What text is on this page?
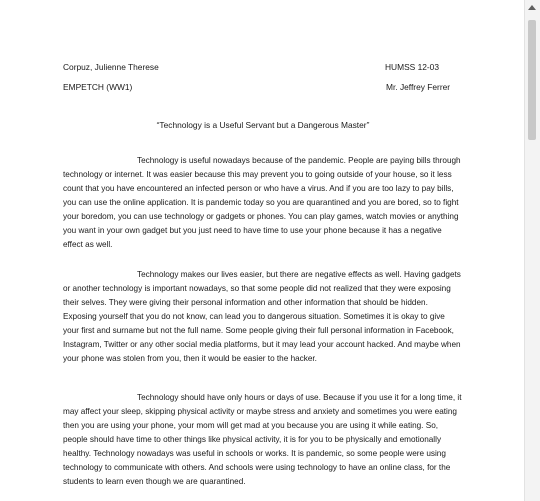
Corpuz, Julienne Therese	HUMSS 12-03
EMPETCH (WW1)	Mr. Jeffrey Ferrer
“Technology is a Useful Servant but a Dangerous Master”

Technology is useful nowadays because of the pandemic. People are paying bills through technology or internet. It was easier because this may prevent you to going outside of your house, so it less count that you have encountered an infected person or who have a virus. And if you are too lazy to pay bills, you can use the online application. It is pandemic today so you are quarantined and you are bored, so to fight your boredom, you can use technology or gadgets or phones. You can play games, watch movies or anything you want in your own gadget but you just need to have time to use your phone because it has a negative effect as well.

Technology makes our lives easier, but there are negative effects as well. Having gadgets or another technology is important nowadays, so that some people did not realized that they were exposing their selves. They were giving their personal information and other information that should be hidden. Exposing yourself that you do not know, can lead you to dangerous situation. Sometimes it is okay to give your first and surname but not the full name. Some people giving their full personal information in Facebook, Instagram, Twitter or any other social media platforms, but it may lead your account hacked. And maybe when your phone was stolen from you, then it would be easier to the hacker.

Technology should have only hours or days of use. Because if you use it for a long time, it may affect your sleep, skipping physical activity or maybe stress and anxiety and sometimes you were eating then you are using your phone, your mom will get mad at you because you are using it while eating. So, people should have time to other things like physical activity, it is for you to be physically and emotionally healthy. Technology nowadays was useful in schools or works. It is pandemic, so some people were using technology to communicate with others. And schools were using technology to have an online class, for the students to learn even though we are quarantined.
